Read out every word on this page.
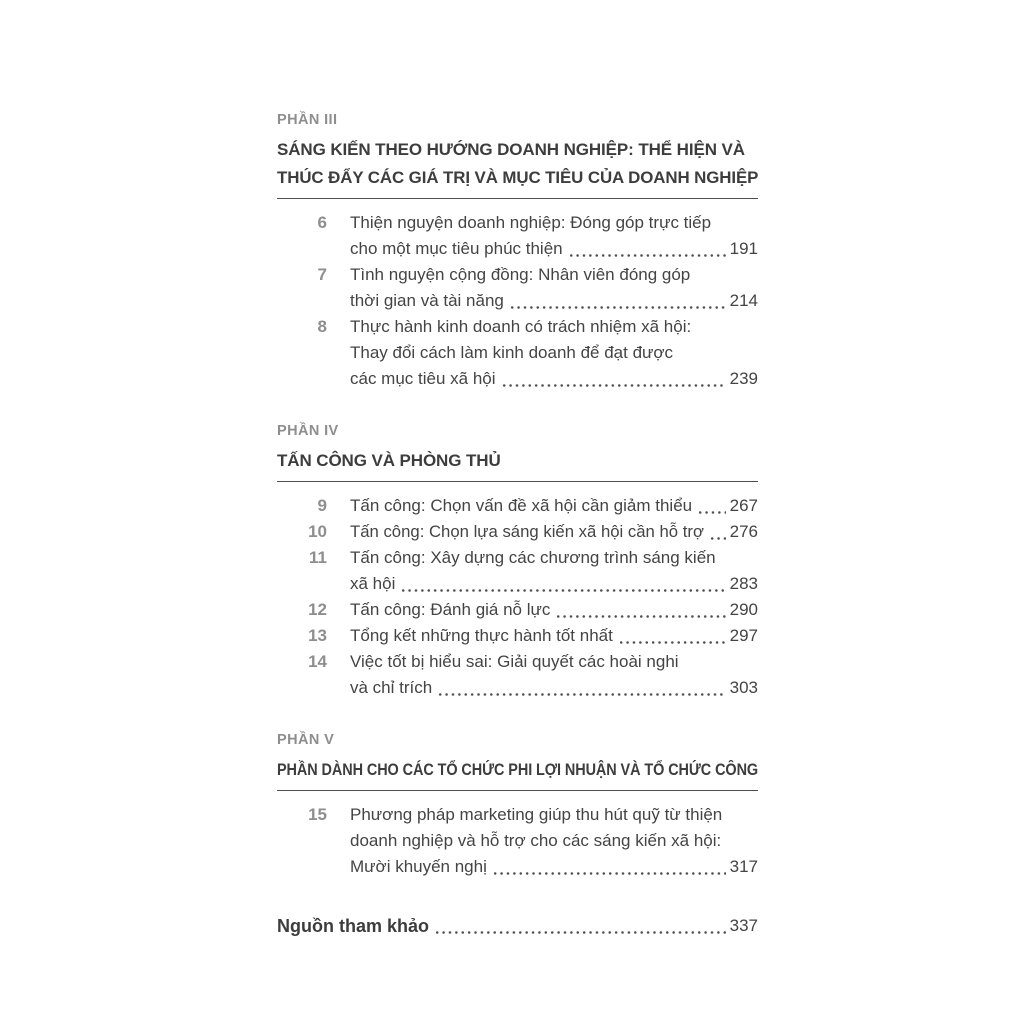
PHẦN III
SÁNG KIẾN THEO HƯỚNG DOANH NGHIỆP: THỂ HIỆN VÀ
THÚC ĐẨY CÁC GIÁ TRỊ VÀ MỤC TIÊU CỦA DOANH NGHIỆP
6 Thiện nguyện doanh nghiệp: Đóng góp trực tiếp
cho một mục tiêu phúc thiện	191
7 Tình nguyện cộng đồng: Nhân viên đóng góp
thời gian và tài năng	214
8 Thực hành kinh doanh có trách nhiệm xã hội:
Thay đổi cách làm kinh doanh để đạt được
các mục tiêu xã hội	239
PHẦN IV
TẤN CÔNG VÀ PHÒNG THỦ
9 Tấn công: Chọn vấn đề xã hội cần giảm thiểu 267
10 Tấn công: Chọn lựa sáng kiến xã hội cần hỗ trợ 276
11 Tấn công: Xây dựng các chương trình sáng kiến
xã hội	283
12 Tấn công: Đánh giá nỗ lực	290
13 Tổng kết những thực hành tốt nhất	297
14 Việc tốt bị hiểu sai: Giải quyết các hoài nghi
và chỉ trích	303
PHẦN V
PHẦN DÀNH CHO CÁC TỔ CHỨC PHI LỢI NHUẬN VÀ TỔ CHỨC CÔNG
15 Phương pháp marketing giúp thu hút quỹ từ thiện
doanh nghiệp và hỗ trợ cho các sáng kiến xã hội:
Mười khuyến nghị	317
Nguồn tham khảo	337
